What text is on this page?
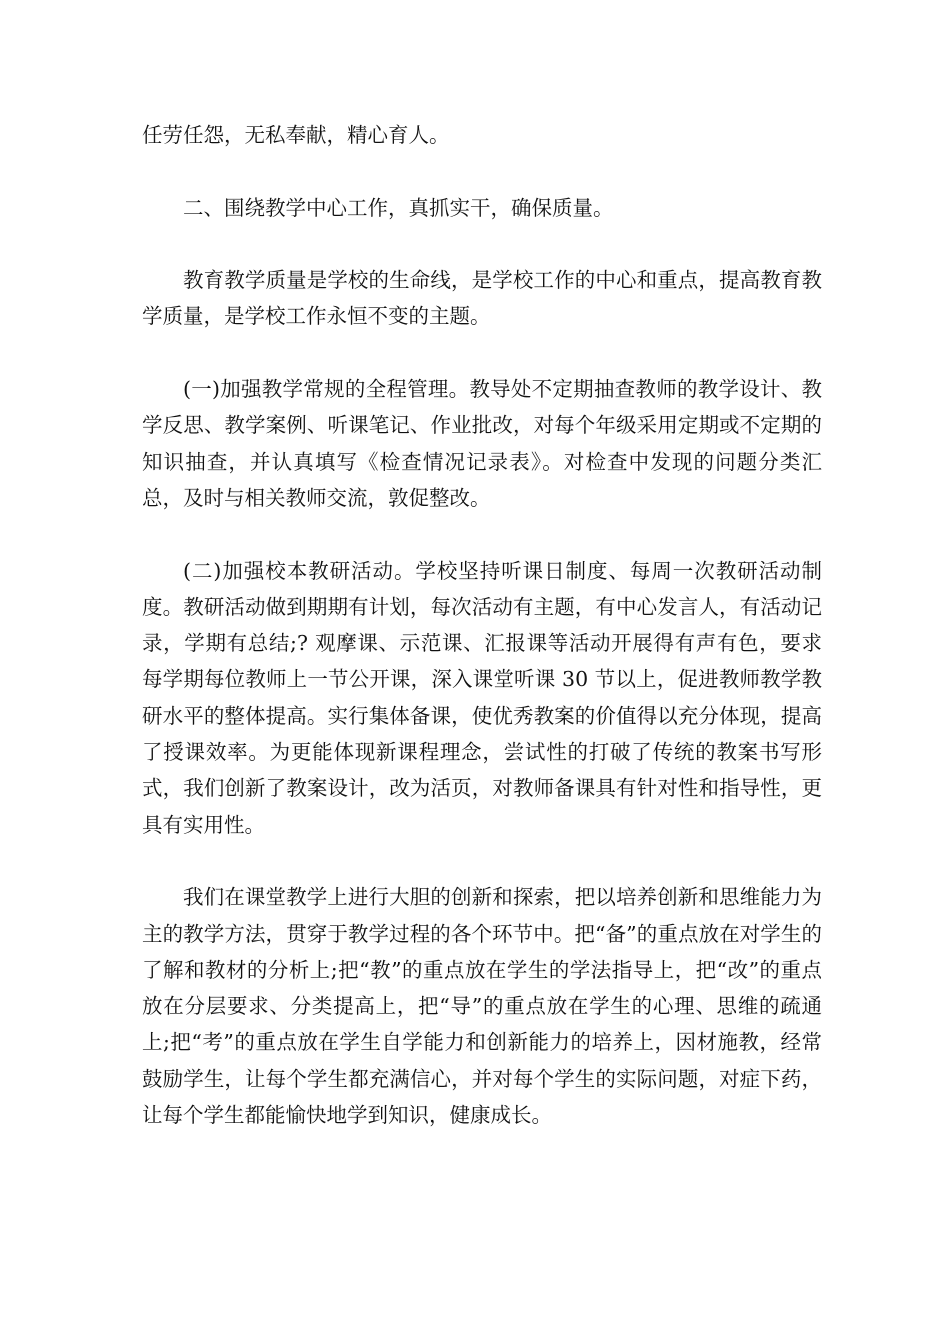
任劳任怨，无私奉献，精心育人。

二、围绕教学中心工作，真抓实干，确保质量。

教育教学质量是学校的生命线，是学校工作的中心和重点，提高教育教学质量，是学校工作永恒不变的主题。

(一)加强教学常规的全程管理。教导处不定期抽查教师的教学设计、教学反思、教学案例、听课笔记、作业批改，对每个年级采用定期或不定期的知识抽查，并认真填写《检查情况记录表》。对检查中发现的问题分类汇总，及时与相关教师交流，敦促整改。

(二)加强校本教研活动。学校坚持听课日制度、每周一次教研活动制度。教研活动做到期期有计划，每次活动有主题，有中心发言人，有活动记录，学期有总结;? 观摩课、示范课、汇报课等活动开展得有声有色，要求每学期每位教师上一节公开课，深入课堂听课 30 节以上，促进教师教学教研水平的整体提高。实行集体备课，使优秀教案的价值得以充分体现，提高了授课效率。为更能体现新课程理念，尝试性的打破了传统的教案书写形式，我们创新了教案设计，改为活页，对教师备课具有针对性和指导性，更具有实用性。

我们在课堂教学上进行大胆的创新和探索，把以培养创新和思维能力为主的教学方法，贯穿于教学过程的各个环节中。把“备”的重点放在对学生的了解和教材的分析上;把“教”的重点放在学生的学法指导上，把“改”的重点放在分层要求、分类提高上，把“导”的重点放在学生的心理、思维的疏通上;把“考”的重点放在学生自学能力和创新能力的培养上，因材施教，经常鼓励学生，让每个学生都充满信心，并对每个学生的实际问题，对症下药，让每个学生都能愉快地学到知识，健康成长。
